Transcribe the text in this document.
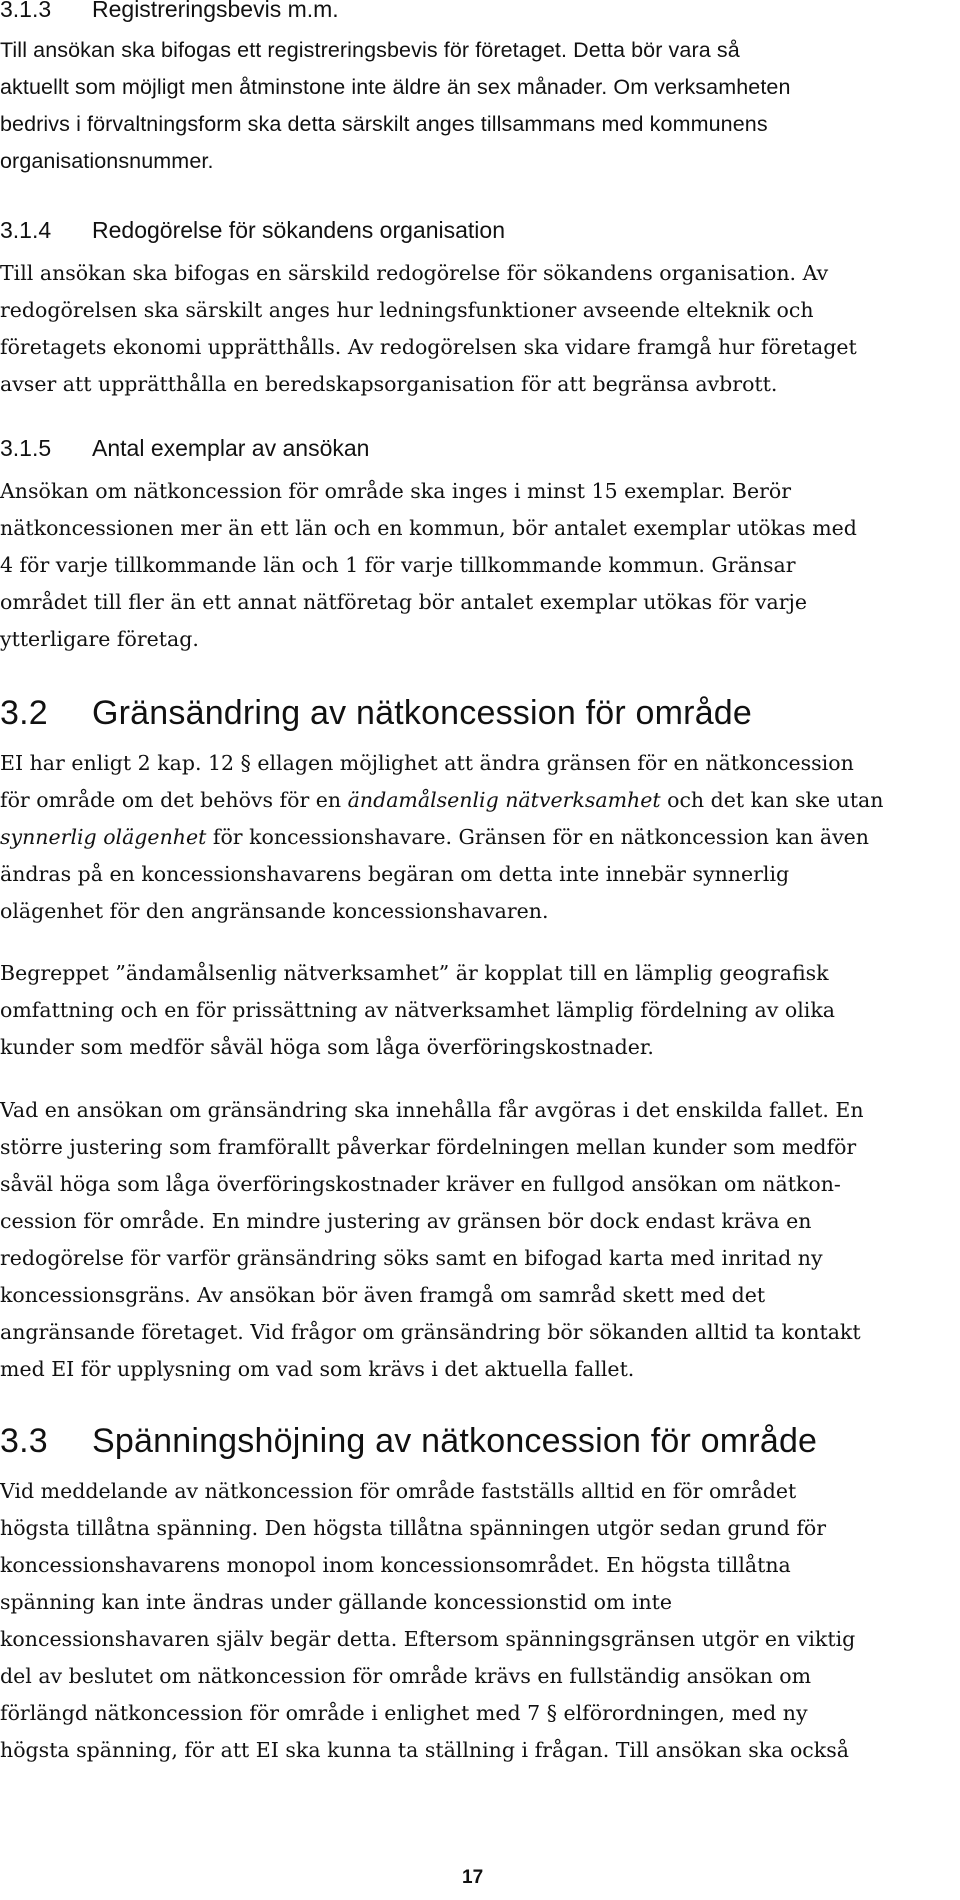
3.1.3 Registreringsbevis m.m.
Till ansökan ska bifogas ett registreringsbevis för företaget. Detta bör vara så
aktuellt som möjligt men åtminstone inte äldre än sex månader. Om verksamheten
bedrivs i förvaltningsform ska detta särskilt anges tillsammans med kommunens
organisationsnummer.
3.1.4 Redogörelse för sökandens organisation
Till ansökan ska bifogas en särskild redogörelse för sökandens organisation. Av
redogörelsen ska särskilt anges hur ledningsfunktioner avseende elteknik och
företagets ekonomi upprätthålls. Av redogörelsen ska vidare framgå hur företaget
avser att upprätthålla en beredskapsorganisation för att begränsa avbrott.
3.1.5 Antal exemplar av ansökan
Ansökan om nätkoncession för område ska inges i minst 15 exemplar. Berör
nätkoncessionen mer än ett län och en kommun, bör antalet exemplar utökas med
4 för varje tillkommande län och 1 för varje tillkommande kommun. Gränsar
området till fler än ett annat nätföretag bör antalet exemplar utökas för varje
ytterligare företag.
3.2 Gränsändring av nätkoncession för område
EI har enligt 2 kap. 12 § ellagen möjlighet att ändra gränsen för en nätkoncession
för område om det behövs för en ändamålsenlig nätverksamhet och det kan ske utan
synnerlig olägenhet för koncessionshavare. Gränsen för en nätkoncession kan även
ändras på en koncessionshavarens begäran om detta inte innebär synnerlig
olägenhet för den angränsande koncessionshavaren.
Begreppet ”ändamålsenlig nätverksamhet” är kopplat till en lämplig geografisk
omfattning och en för prissättning av nätverksamhet lämplig fördelning av olika
kunder som medför såväl höga som låga överföringskostnader.
Vad en ansökan om gränsändring ska innehålla får avgöras i det enskilda fallet. En
större justering som framförallt påverkar fördelningen mellan kunder som medför
såväl höga som låga överföringskostnader kräver en fullgod ansökan om nätkon-
cession för område. En mindre justering av gränsen bör dock endast kräva en
redogörelse för varför gränsändring söks samt en bifogad karta med inritad ny
koncessionsgräns. Av ansökan bör även framgå om samråd skett med det
angränsande företaget. Vid frågor om gränsändring bör sökanden alltid ta kontakt
med EI för upplysning om vad som krävs i det aktuella fallet.
3.3 Spänningshöjning av nätkoncession för område
Vid meddelande av nätkoncession för område fastställs alltid en för området
högsta tillåtna spänning. Den högsta tillåtna spänningen utgör sedan grund för
koncessionshavarens monopol inom koncessionsområdet. En högsta tillåtna
spänning kan inte ändras under gällande koncessionstid om inte
koncessionshavaren själv begär detta. Eftersom spänningsgränsen utgör en viktig
del av beslutet om nätkoncession för område krävs en fullständig ansökan om
förlängd nätkoncession för område i enlighet med 7 § elförordningen, med ny
högsta spänning, för att EI ska kunna ta ställning i frågan. Till ansökan ska också
17
